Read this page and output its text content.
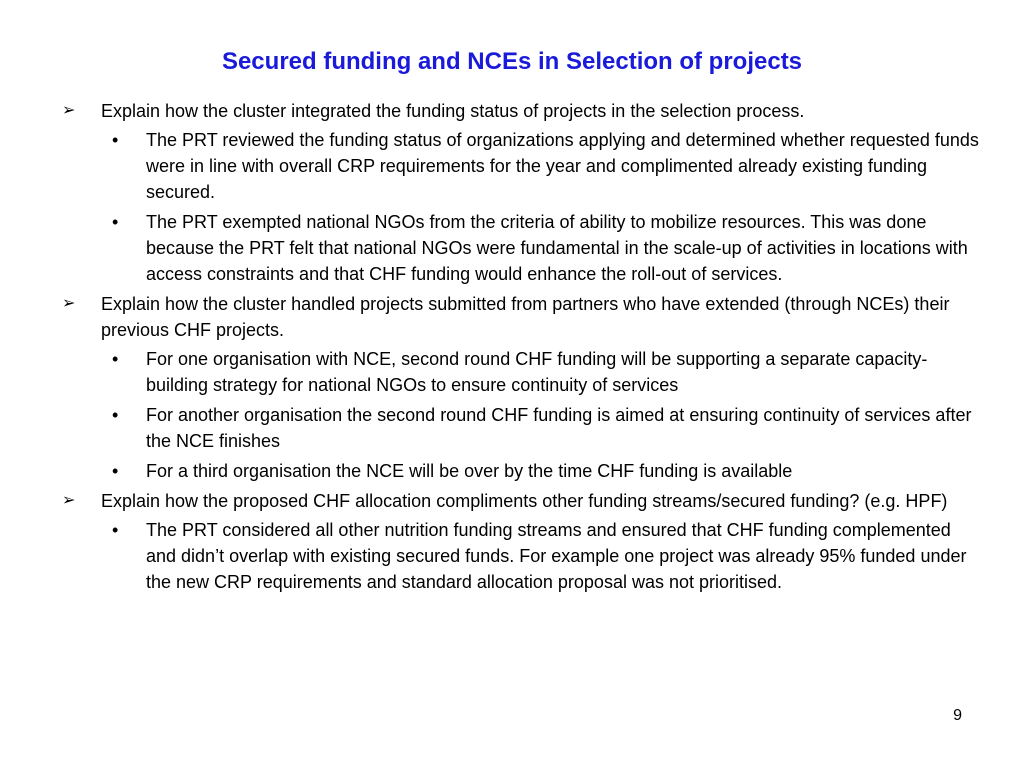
Secured funding and NCEs in Selection of projects
➢ Explain how the cluster integrated the funding status of projects in the selection process.
• The PRT reviewed the funding status of organizations applying and determined whether requested funds were in line with overall CRP requirements for the year and complimented already existing funding secured.
• The PRT exempted national NGOs from the criteria of ability to mobilize resources. This was done because the PRT felt that national NGOs were fundamental in the scale-up of activities in locations with access constraints and that CHF funding would enhance the roll-out of services.
➢ Explain how the cluster handled projects submitted from partners who have extended (through NCEs) their previous CHF projects.
• For one organisation with NCE, second round CHF funding will be supporting a separate capacity-building strategy for national NGOs to ensure continuity of services
• For another organisation the second round CHF funding is aimed at ensuring continuity of services after the NCE finishes
• For a third organisation the NCE will be over by the time CHF funding is available
➢ Explain how the proposed CHF allocation compliments other funding streams/secured funding? (e.g. HPF)
• The PRT considered all other nutrition funding streams and ensured that CHF funding complemented and didn’t overlap with existing secured funds. For example one project was already 95% funded under the new CRP requirements and standard allocation proposal was not prioritised.
9
